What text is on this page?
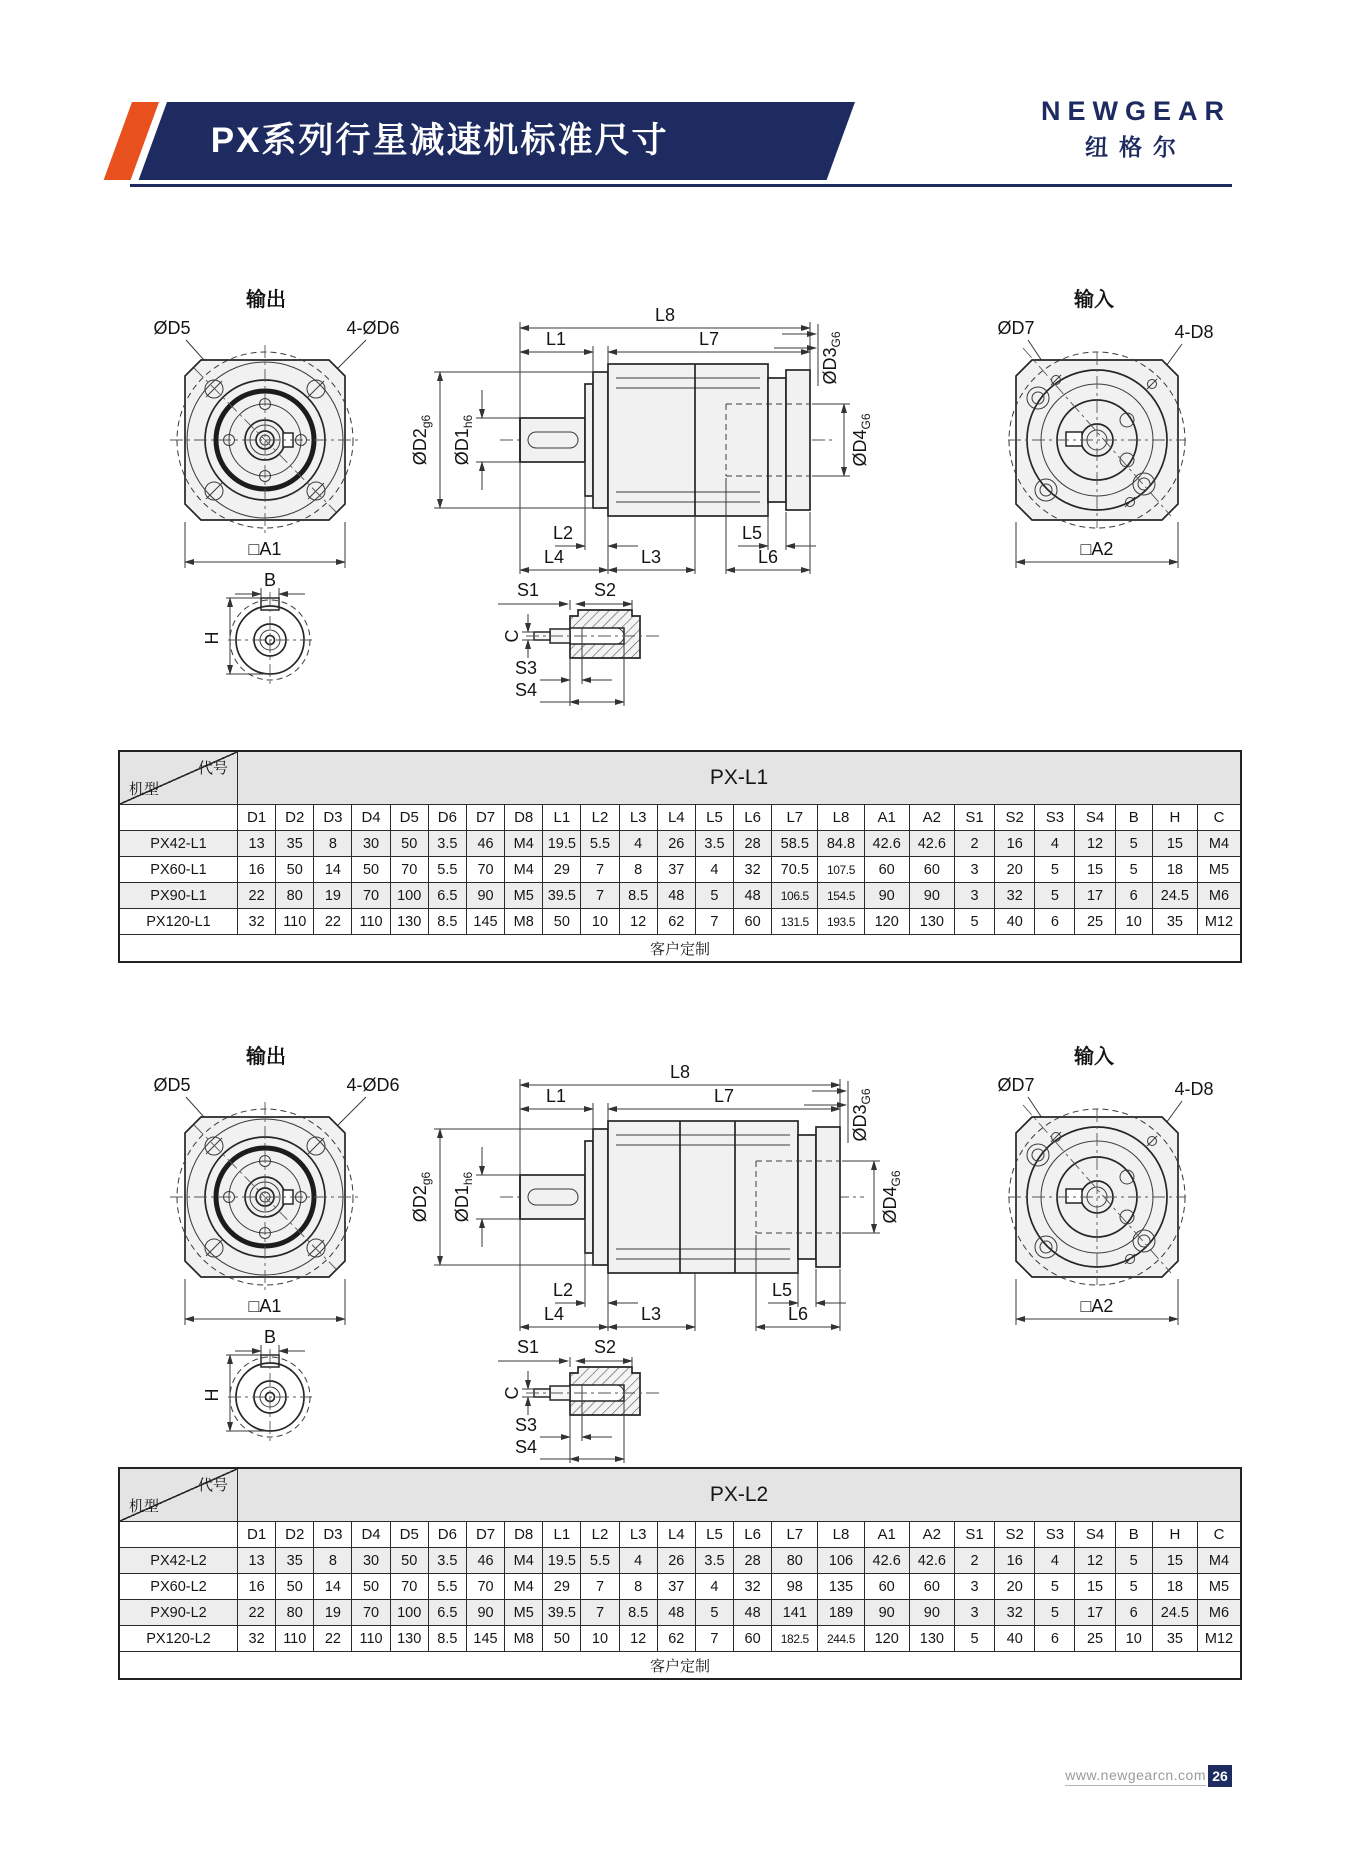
PX系列行星减速机标准尺寸
NEWGEAR
纽格尔
输出
ØD5	4-ØD6
□A1
B
H
L8
L1	L7
$ØD2_{g6}$
$ØD1_{h6}$
$ØD3_{G6}$
$ØD4_{G6}$
L2
L4	L3
L5
L6
C
S1	S2
S3
S4
输入
ØD7	4-D8
□A2
代号
机型	PX-L1																								
	D1	D2	D3	D4	D5	D6	D7	D8	L1	L2	L3	L4	L5	L6	L7	L8	A1	A2	S1	S2	S3	S4	B	H	C
PX42-L1	13	35	8	30	50	3.5	46	M4	19.5	5.5	4	26	3.5	28	58.5	84.8	42.6	42.6	2	16	4	12	5	15	M4
PX60-L1	16	50	14	50	70	5.5	70	M4	29	7	8	37	4	32	70.5	107.5	60	60	3	20	5	15	5	18	M5
PX90-L1	22	80	19	70	100	6.5	90	M5	39.5	7	8.5	48	5	48	106.5	154.5	90	90	3	32	5	17	6	24.5	M6
PX120-L1	32	110	22	110	130	8.5	145	M8	50	10	12	62	7	60	131.5	193.5	120	130	5	40	6	25	10	35	M12
客户定制																									
输出
ØD5	4-ØD6
□A1
B
H
L8
L1	L7
$ØD2_{g6}$
$ØD1_{h6}$
$ØD3_{G6}$
$ØD4_{G6}$
L2
L4	L3
L5
L6
C
S1	S2
S3
S4
输入
ØD7	4-D8
□A2
代号
机型	PX-L2																								
	D1	D2	D3	D4	D5	D6	D7	D8	L1	L2	L3	L4	L5	L6	L7	L8	A1	A2	S1	S2	S3	S4	B	H	C
PX42-L2	13	35	8	30	50	3.5	46	M4	19.5	5.5	4	26	3.5	28	80	106	42.6	42.6	2	16	4	12	5	15	M4
PX60-L2	16	50	14	50	70	5.5	70	M4	29	7	8	37	4	32	98	135	60	60	3	20	5	15	5	18	M5
PX90-L2	22	80	19	70	100	6.5	90	M5	39.5	7	8.5	48	5	48	141	189	90	90	3	32	5	17	6	24.5	M6
PX120-L2	32	110	22	110	130	8.5	145	M8	50	10	12	62	7	60	182.5	244.5	120	130	5	40	6	25	10	35	M12
客户定制																									
www.newgearcn.com 26
